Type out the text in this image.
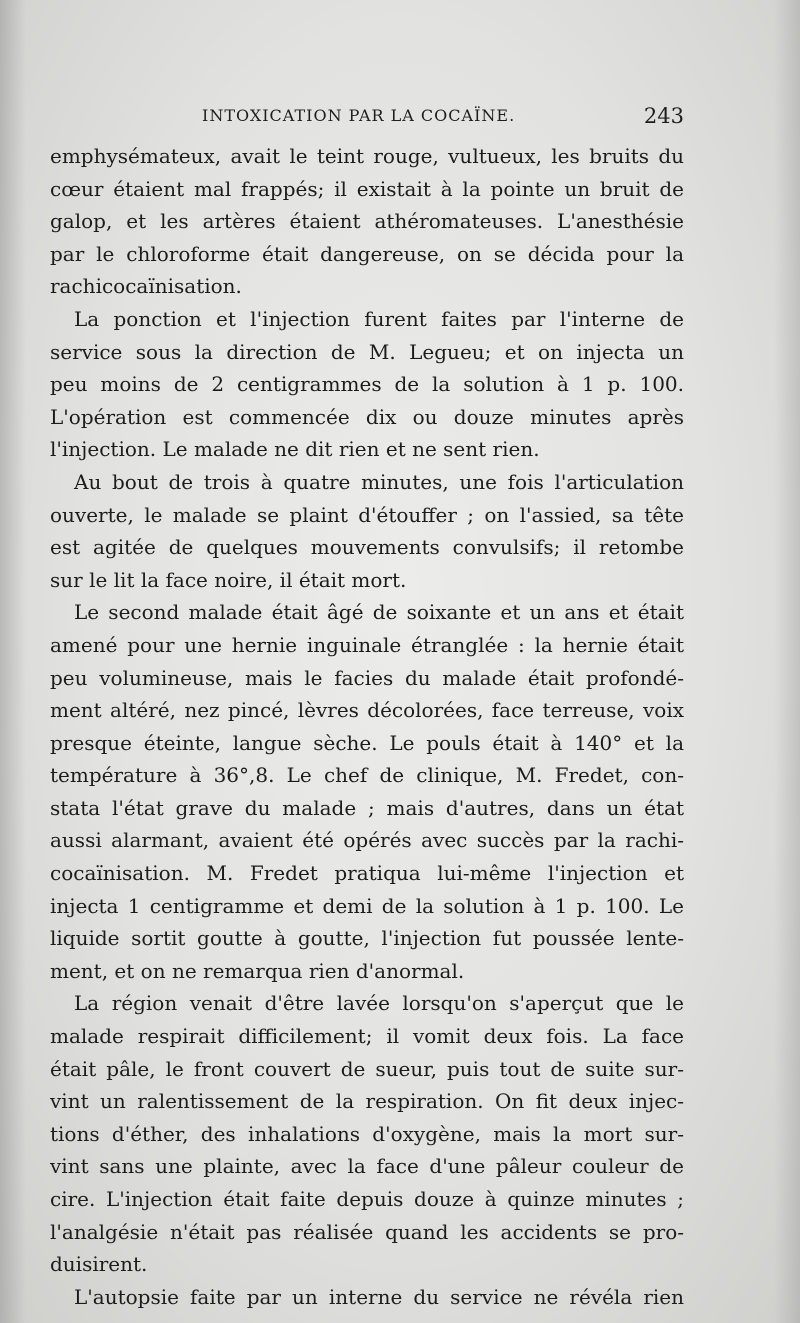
INTOXICATION PAR LA COCAÏNE.	243
emphysémateux, avait le teint rouge, vultueux, les bruits du
cœur étaient mal frappés; il existait à la pointe un bruit de
galop, et les artères étaient athéromateuses. L'anesthésie
par le chloroforme était dangereuse, on se décida pour la
rachicocaïnisation.
La ponction et l'injection furent faites par l'interne de
service sous la direction de M. Legueu; et on injecta un
peu moins de 2 centigrammes de la solution à 1 p. 100.
L'opération est commencée dix ou douze minutes après
l'injection. Le malade ne dit rien et ne sent rien.
Au bout de trois à quatre minutes, une fois l'articulation
ouverte, le malade se plaint d'étouffer ; on l'assied, sa tête
est agitée de quelques mouvements convulsifs; il retombe
sur le lit la face noire, il était mort.
Le second malade était âgé de soixante et un ans et était
amené pour une hernie inguinale étranglée : la hernie était
peu volumineuse, mais le facies du malade était profondé-
ment altéré, nez pincé, lèvres décolorées, face terreuse, voix
presque éteinte, langue sèche. Le pouls était à 140° et la
température à 36°,8. Le chef de clinique, M. Fredet, con-
stata l'état grave du malade ; mais d'autres, dans un état
aussi alarmant, avaient été opérés avec succès par la rachi-
cocaïnisation. M. Fredet pratiqua lui-même l'injection et
injecta 1 centigramme et demi de la solution à 1 p. 100. Le
liquide sortit goutte à goutte, l'injection fut poussée lente-
ment, et on ne remarqua rien d'anormal.
La région venait d'être lavée lorsqu'on s'aperçut que le
malade respirait difficilement; il vomit deux fois. La face
était pâle, le front couvert de sueur, puis tout de suite sur-
vint un ralentissement de la respiration. On fit deux injec-
tions d'éther, des inhalations d'oxygène, mais la mort sur-
vint sans une plainte, avec la face d'une pâleur couleur de
cire. L'injection était faite depuis douze à quinze minutes ;
l'analgésie n'était pas réalisée quand les accidents se pro-
duisirent.
L'autopsie faite par un interne du service ne révéla rien
